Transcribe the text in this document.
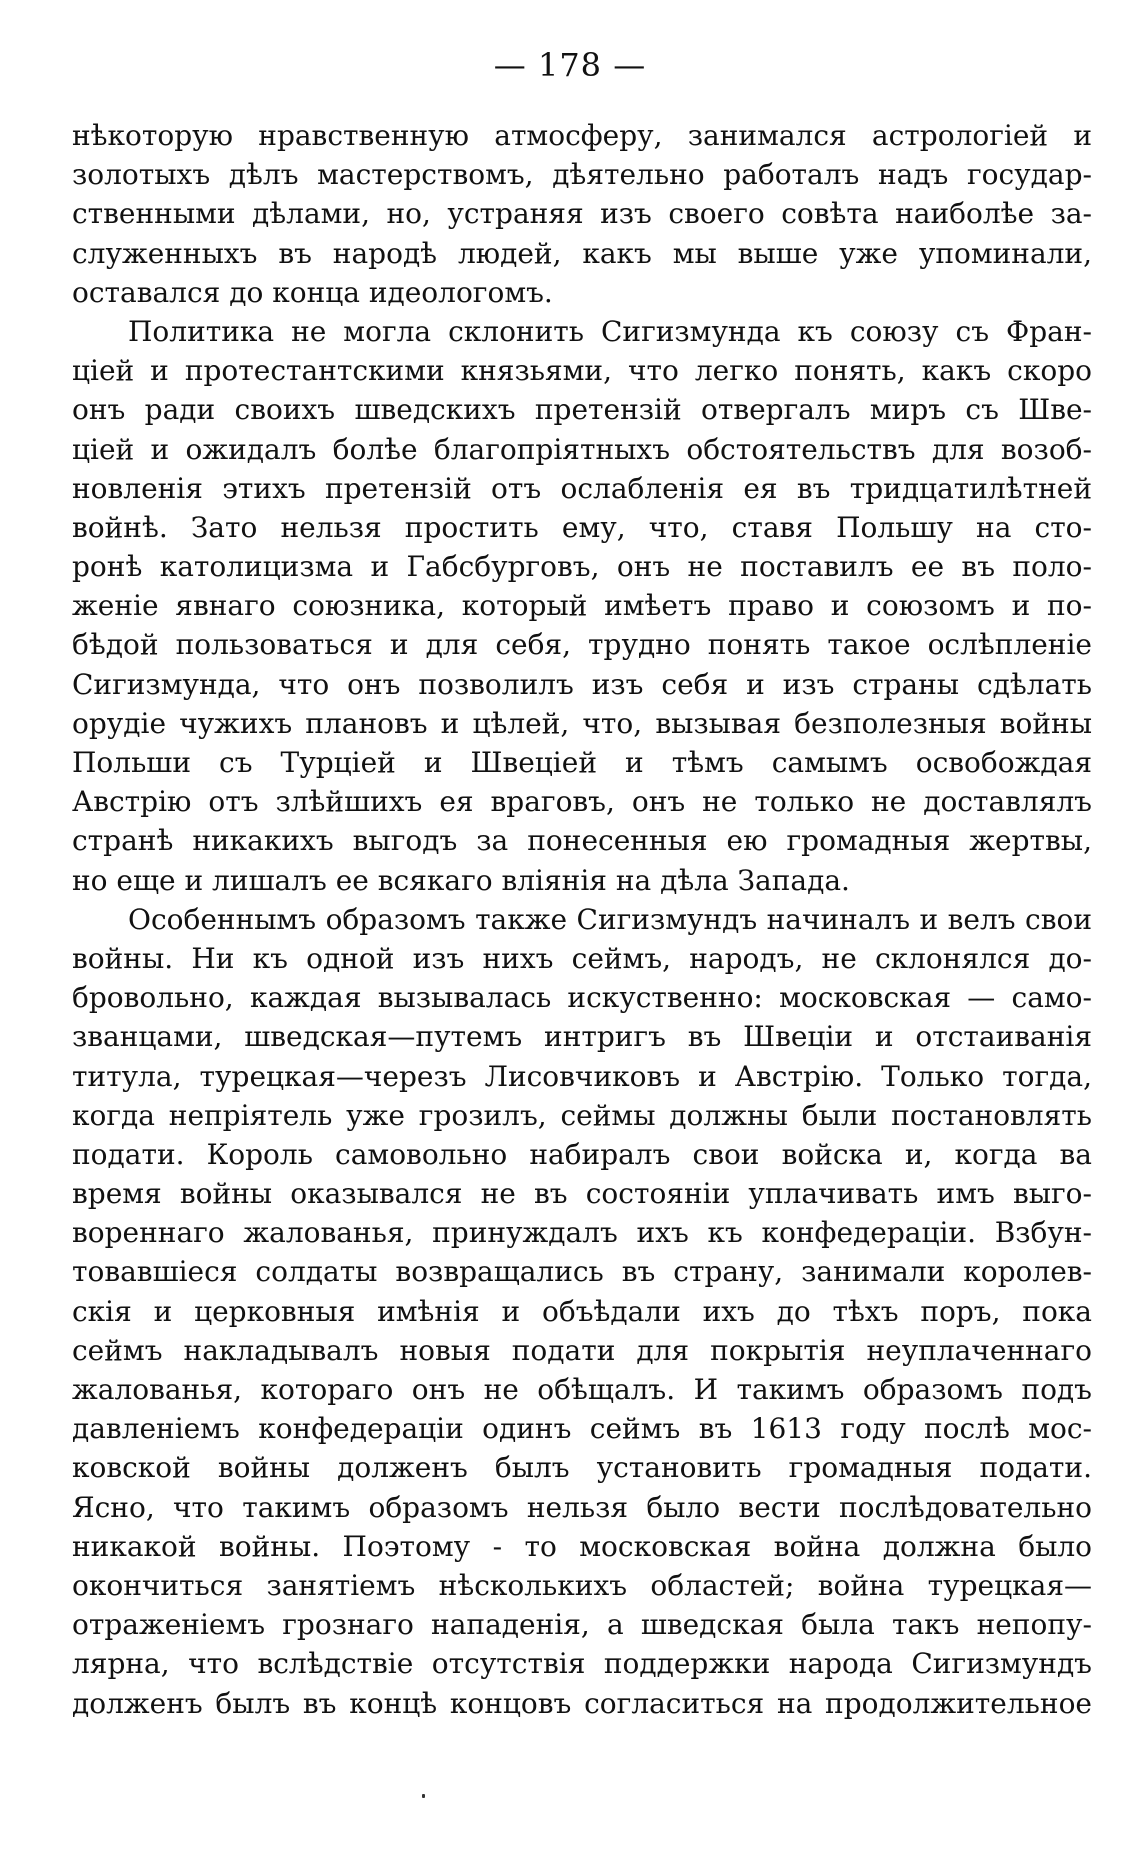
— 178 —
нѣкоторую нравственную атмосферу, занимался астрологіей и
золотыхъ дѣлъ мастерствомъ, дѣятельно работалъ надъ государ-
ственными дѣлами, но, устраняя изъ своего совѣта наиболѣе за-
служенныхъ въ народѣ людей, какъ мы выше уже упоминали,
оставался до конца идеологомъ.
Политика не могла склонить Сигизмунда къ союзу съ Фран-
ціей и протестантскими князьями, что легко понять, какъ скоро
онъ ради своихъ шведскихъ претензій отвергалъ миръ съ Шве-
ціей и ожидалъ болѣе благопріятныхъ обстоятельствъ для возоб-
новленія этихъ претензій отъ ослабленія ея въ тридцатилѣтней
войнѣ. Зато нельзя простить ему, что, ставя Польшу на сто-
ронѣ католицизма и Габсбурговъ, онъ не поставилъ ее въ поло-
женіе явнаго союзника, который имѣетъ право и союзомъ и по-
бѣдой пользоваться и для себя, трудно понять такое ослѣпленіе
Сигизмунда, что онъ позволилъ изъ себя и изъ страны сдѣлать
орудіе чужихъ плановъ и цѣлей, что, вызывая безполезныя войны
Польши съ Турціей и Швеціей и тѣмъ самымъ освобождая
Австрію отъ злѣйшихъ ея враговъ, онъ не только не доставлялъ
странѣ никакихъ выгодъ за понесенныя ею громадныя жертвы,
но еще и лишалъ ее всякаго вліянія на дѣла Запада.
Особеннымъ образомъ также Сигизмундъ начиналъ и велъ свои
войны. Ни къ одной изъ нихъ сеймъ, народъ, не склонялся до-
бровольно, каждая вызывалась искуственно: московская — само-
званцами, шведская—путемъ интригъ въ Швеціи и отстаиванія
титула, турецкая—черезъ Лисовчиковъ и Австрію. Только тогда,
когда непріятель уже грозилъ, сеймы должны были постановлять
подати. Король самовольно набиралъ свои войска и, когда ва
время войны оказывался не въ состояніи уплачивать имъ выго-
вореннаго жалованья, принуждалъ ихъ къ конфедераціи. Взбун-
товавшіеся солдаты возвращались въ страну, занимали королев-
скія и церковныя имѣнія и объѣдали ихъ до тѣхъ поръ, пока
сеймъ накладывалъ новыя подати для покрытія неуплаченнаго
жалованья, котораго онъ не обѣщалъ. И такимъ образомъ подъ
давленіемъ конфедераціи одинъ сеймъ въ 1613 году послѣ мос-
ковской войны долженъ былъ установить громадныя подати.
Ясно, что такимъ образомъ нельзя было вести послѣдовательно
никакой войны. Поэтому - то московская война должна было
окончиться занятіемъ нѣсколькихъ областей; война турецкая—
отраженіемъ грознаго нападенія, а шведская была такъ непопу-
лярна, что вслѣдствіе отсутствія поддержки народа Сигизмундъ
долженъ былъ въ концѣ концовъ согласиться на продолжительное
